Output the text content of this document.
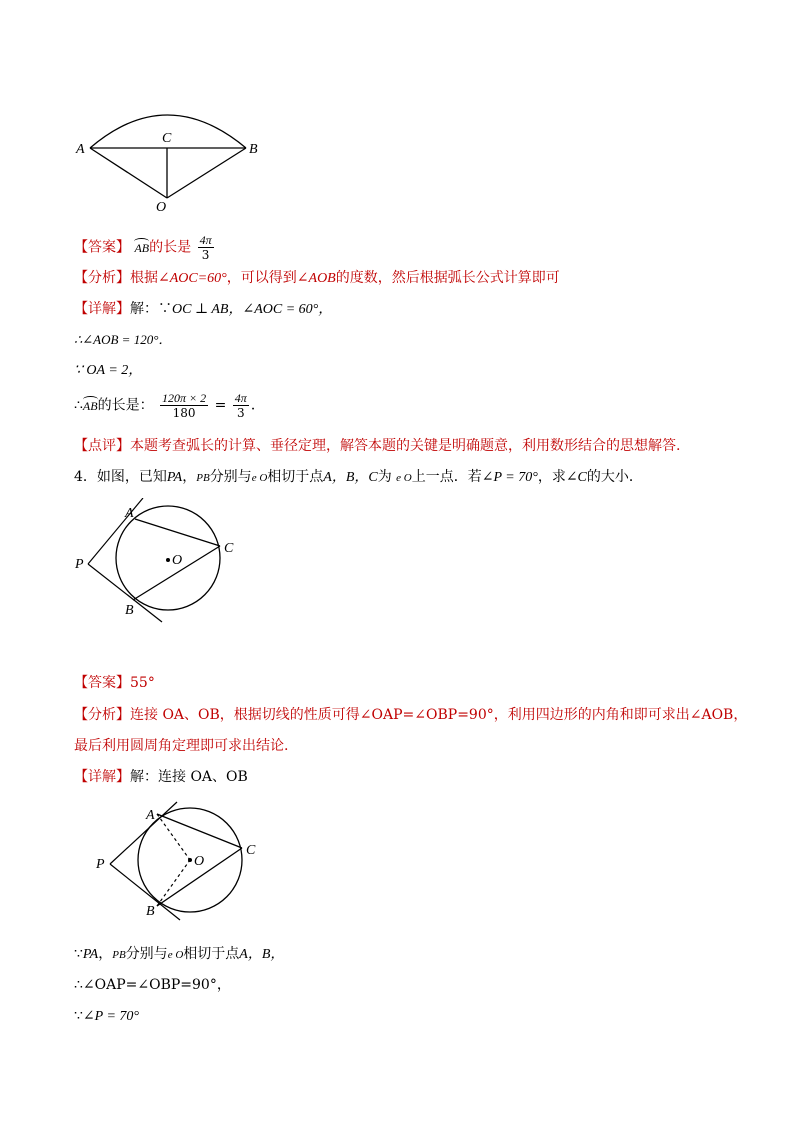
A	B
C
O
【答案】 AB的长是 $\frac{4\pi}{3}$
【分析】根据∠AOC=60°，可以得到∠AOB的度数，然后根据弧长公式计算即可
【详解】解：∵OC ⊥ AB，∠AOC = 60°，
∴∠AOB = 120°．
∵ OA = 2，
∴AB的长是： $\frac{120\pi \times 2}{180} = \frac{4\pi}{3}$ ．
【点评】本题考查弧长的计算、垂径定理，解答本题的关键是明确题意，利用数形结合的思想解答.
4．如图，已知PA，PB分别与e O相切于点A，B，C为 e O上一点．若∠P = 70°，求∠C的大小．
A
B
C
O
P
【答案】55°
【分析】连接 OA、OB，根据切线的性质可得∠OAP=∠OBP=90°，利用四边形的内角和即可求出∠AOB，
最后利用圆周角定理即可求出结论.
【详解】解：连接 OA、OB
A
B
C
O
P
∵PA，PB分别与e O相切于点A，B，
∴∠OAP=∠OBP=90°，
∵∠P = 70°
